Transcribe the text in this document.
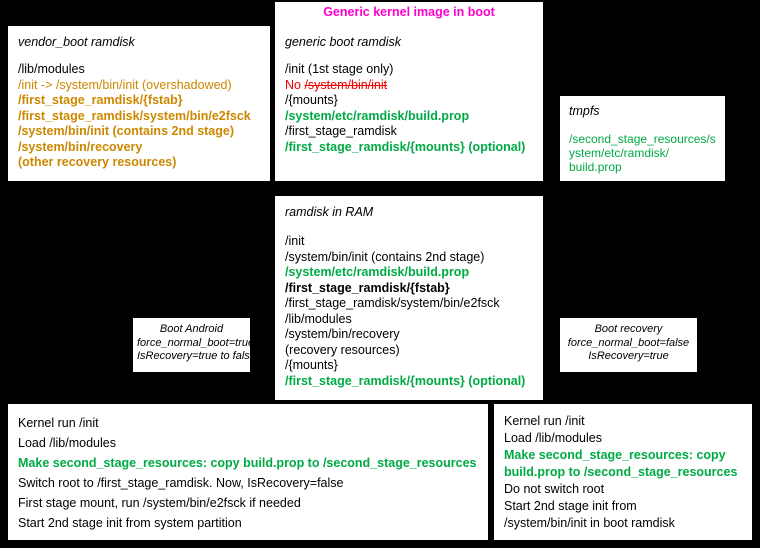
Generic kernel image in boot
vendor_boot ramdisk
/lib/modules
/init -> /system/bin/init (overshadowed)
/first_stage_ramdisk/{fstab}
/first_stage_ramdisk/system/bin/e2fsck
/system/bin/init (contains 2nd stage)
/system/bin/recovery
(other recovery resources)
generic boot ramdisk
/init (1st stage only)
No /system/bin/init
/{mounts}
/system/etc/ramdisk/build.prop
/first_stage_ramdisk
/first_stage_ramdisk/{mounts} (optional)
tmpfs
/second_stage_resources/s
ystem/etc/ramdisk/
build.prop
ramdisk in RAM
/init
/system/bin/init (contains 2nd stage)
/system/etc/ramdisk/build.prop
/first_stage_ramdisk/{fstab}
/first_stage_ramdisk/system/bin/e2fsck
/lib/modules
/system/bin/recovery
(recovery resources)
/{mounts}
/first_stage_ramdisk/{mounts} (optional)
Boot Android
force_normal_boot=true
IsRecovery=true to false
Boot recovery
force_normal_boot=false
IsRecovery=true
Kernel run /init
Load /lib/modules
Make second_stage_resources: copy build.prop to /second_stage_resources
Switch root to /first_stage_ramdisk. Now, IsRecovery=false
First stage mount, run /system/bin/e2fsck if needed
Start 2nd stage init from system partition
Kernel run /init
Load /lib/modules
Make second_stage_resources: copy
build.prop to /second_stage_resources
Do not switch root
Start 2nd stage init from
/system/bin/init in boot ramdisk
